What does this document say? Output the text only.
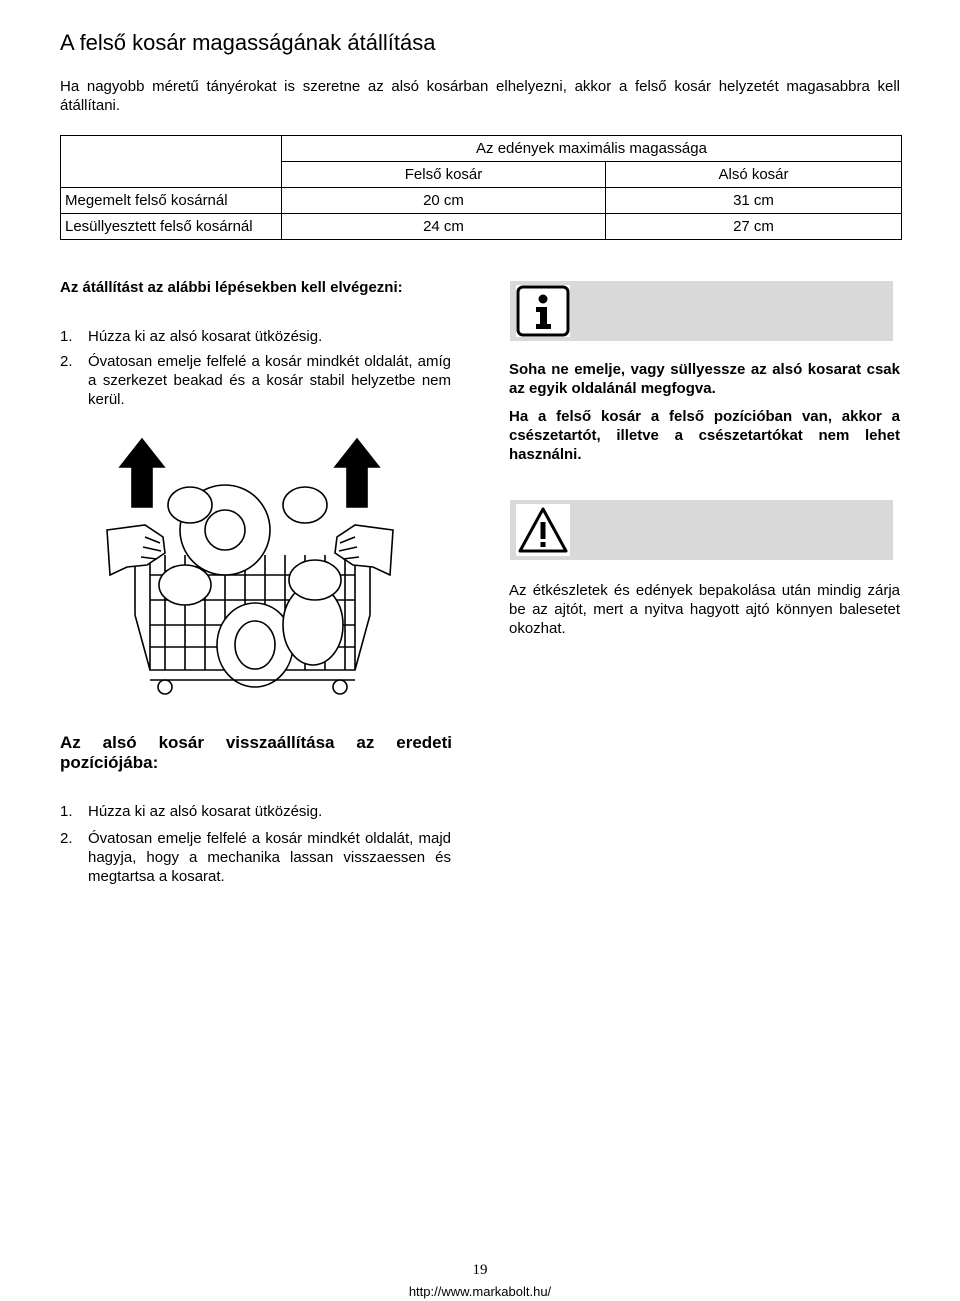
A felső kosár magasságának átállítása
Ha nagyobb méretű tányérokat is szeretne az alsó kosárban elhelyezni, akkor a felső kosár helyzetét magasabbra kell átállítani.
	Az edények maximális magassága	
	Felső kosár	Alsó kosár
Megemelt felső kosárnál	20 cm	31 cm
Lesüllyesztett felső kosárnál	24 cm	27 cm
Az átállítást az alábbi lépésekben kell elvégezni:
1. Húzza ki az alsó kosarat ütközésig.
2. Óvatosan emelje felfelé a kosár mindkét oldalát, amíg a szerkezet beakad és a kosár stabil helyzetbe nem kerül.
Soha ne emelje, vagy süllyessze az alsó kosarat csak az egyik oldalánál megfogva.
Ha a felső kosár a felső pozícióban van, akkor a csészetartót, illetve a csészetartókat nem lehet használni.
Az étkészletek és edények bepakolása után mindig zárja be az ajtót, mert a nyitva hagyott ajtó könnyen balesetet okozhat.
Az alsó kosár visszaállítása az eredeti pozíciójába:
1. Húzza ki az alsó kosarat ütközésig.
2. Óvatosan emelje felfelé a kosár mindkét oldalát, majd hagyja, hogy a mechanika lassan visszaessen és megtartsa a kosarat.
19
http://www.markabolt.hu/
